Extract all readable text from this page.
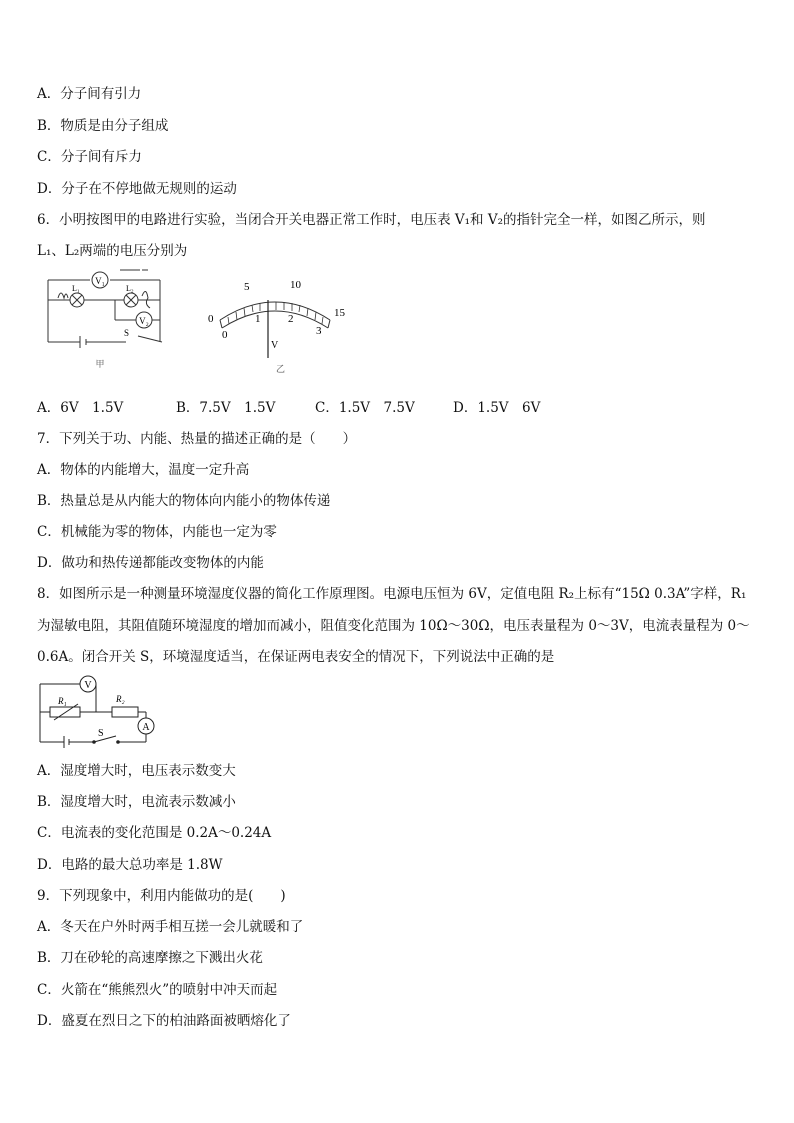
A．分子间有引力
B．物质是由分子组成
C．分子间有斥力
D．分子在不停地做无规则的运动
6．小明按图甲的电路进行实验，当闭合开关电器正常工作时，电压表 V₁和 V₂的指针完全一样，如图乙所示，则
L₁、L₂两端的电压分别为
V₁
V₂
L₁	L₂
S
甲
0
5	10
15
0
1	2
3
V
乙
A．6V　1.5V	B．7.5V　1.5V	C．1.5V　7.5V	D．1.5V　6V
7．下列关于功、内能、热量的描述正确的是（　　）
A．物体的内能增大，温度一定升高
B．热量总是从内能大的物体向内能小的物体传递
C．机械能为零的物体，内能也一定为零
D．做功和热传递都能改变物体的内能
8．如图所示是一种测量环境湿度仪器的简化工作原理图。电源电压恒为 6V，定值电阻 R₂上标有“15Ω 0.3A”字样，R₁
为湿敏电阻，其阻值随环境湿度的增加而减小，阻值变化范围为 10Ω～30Ω，电压表量程为 0～3V，电流表量程为 0～
0.6A。闭合开关 S，环境湿度适当，在保证两电表安全的情况下，下列说法中正确的是
V
A
R₁	R₂
S
A．湿度增大时，电压表示数变大
B．湿度增大时，电流表示数减小
C．电流表的变化范围是 0.2A～0.24A
D．电路的最大总功率是 1.8W
9．下列现象中，利用内能做功的是(　　)
A．冬天在户外时两手相互搓一会儿就暖和了
B．刀在砂轮的高速摩擦之下溅出火花
C．火箭在“熊熊烈火”的喷射中冲天而起
D．盛夏在烈日之下的柏油路面被晒熔化了
